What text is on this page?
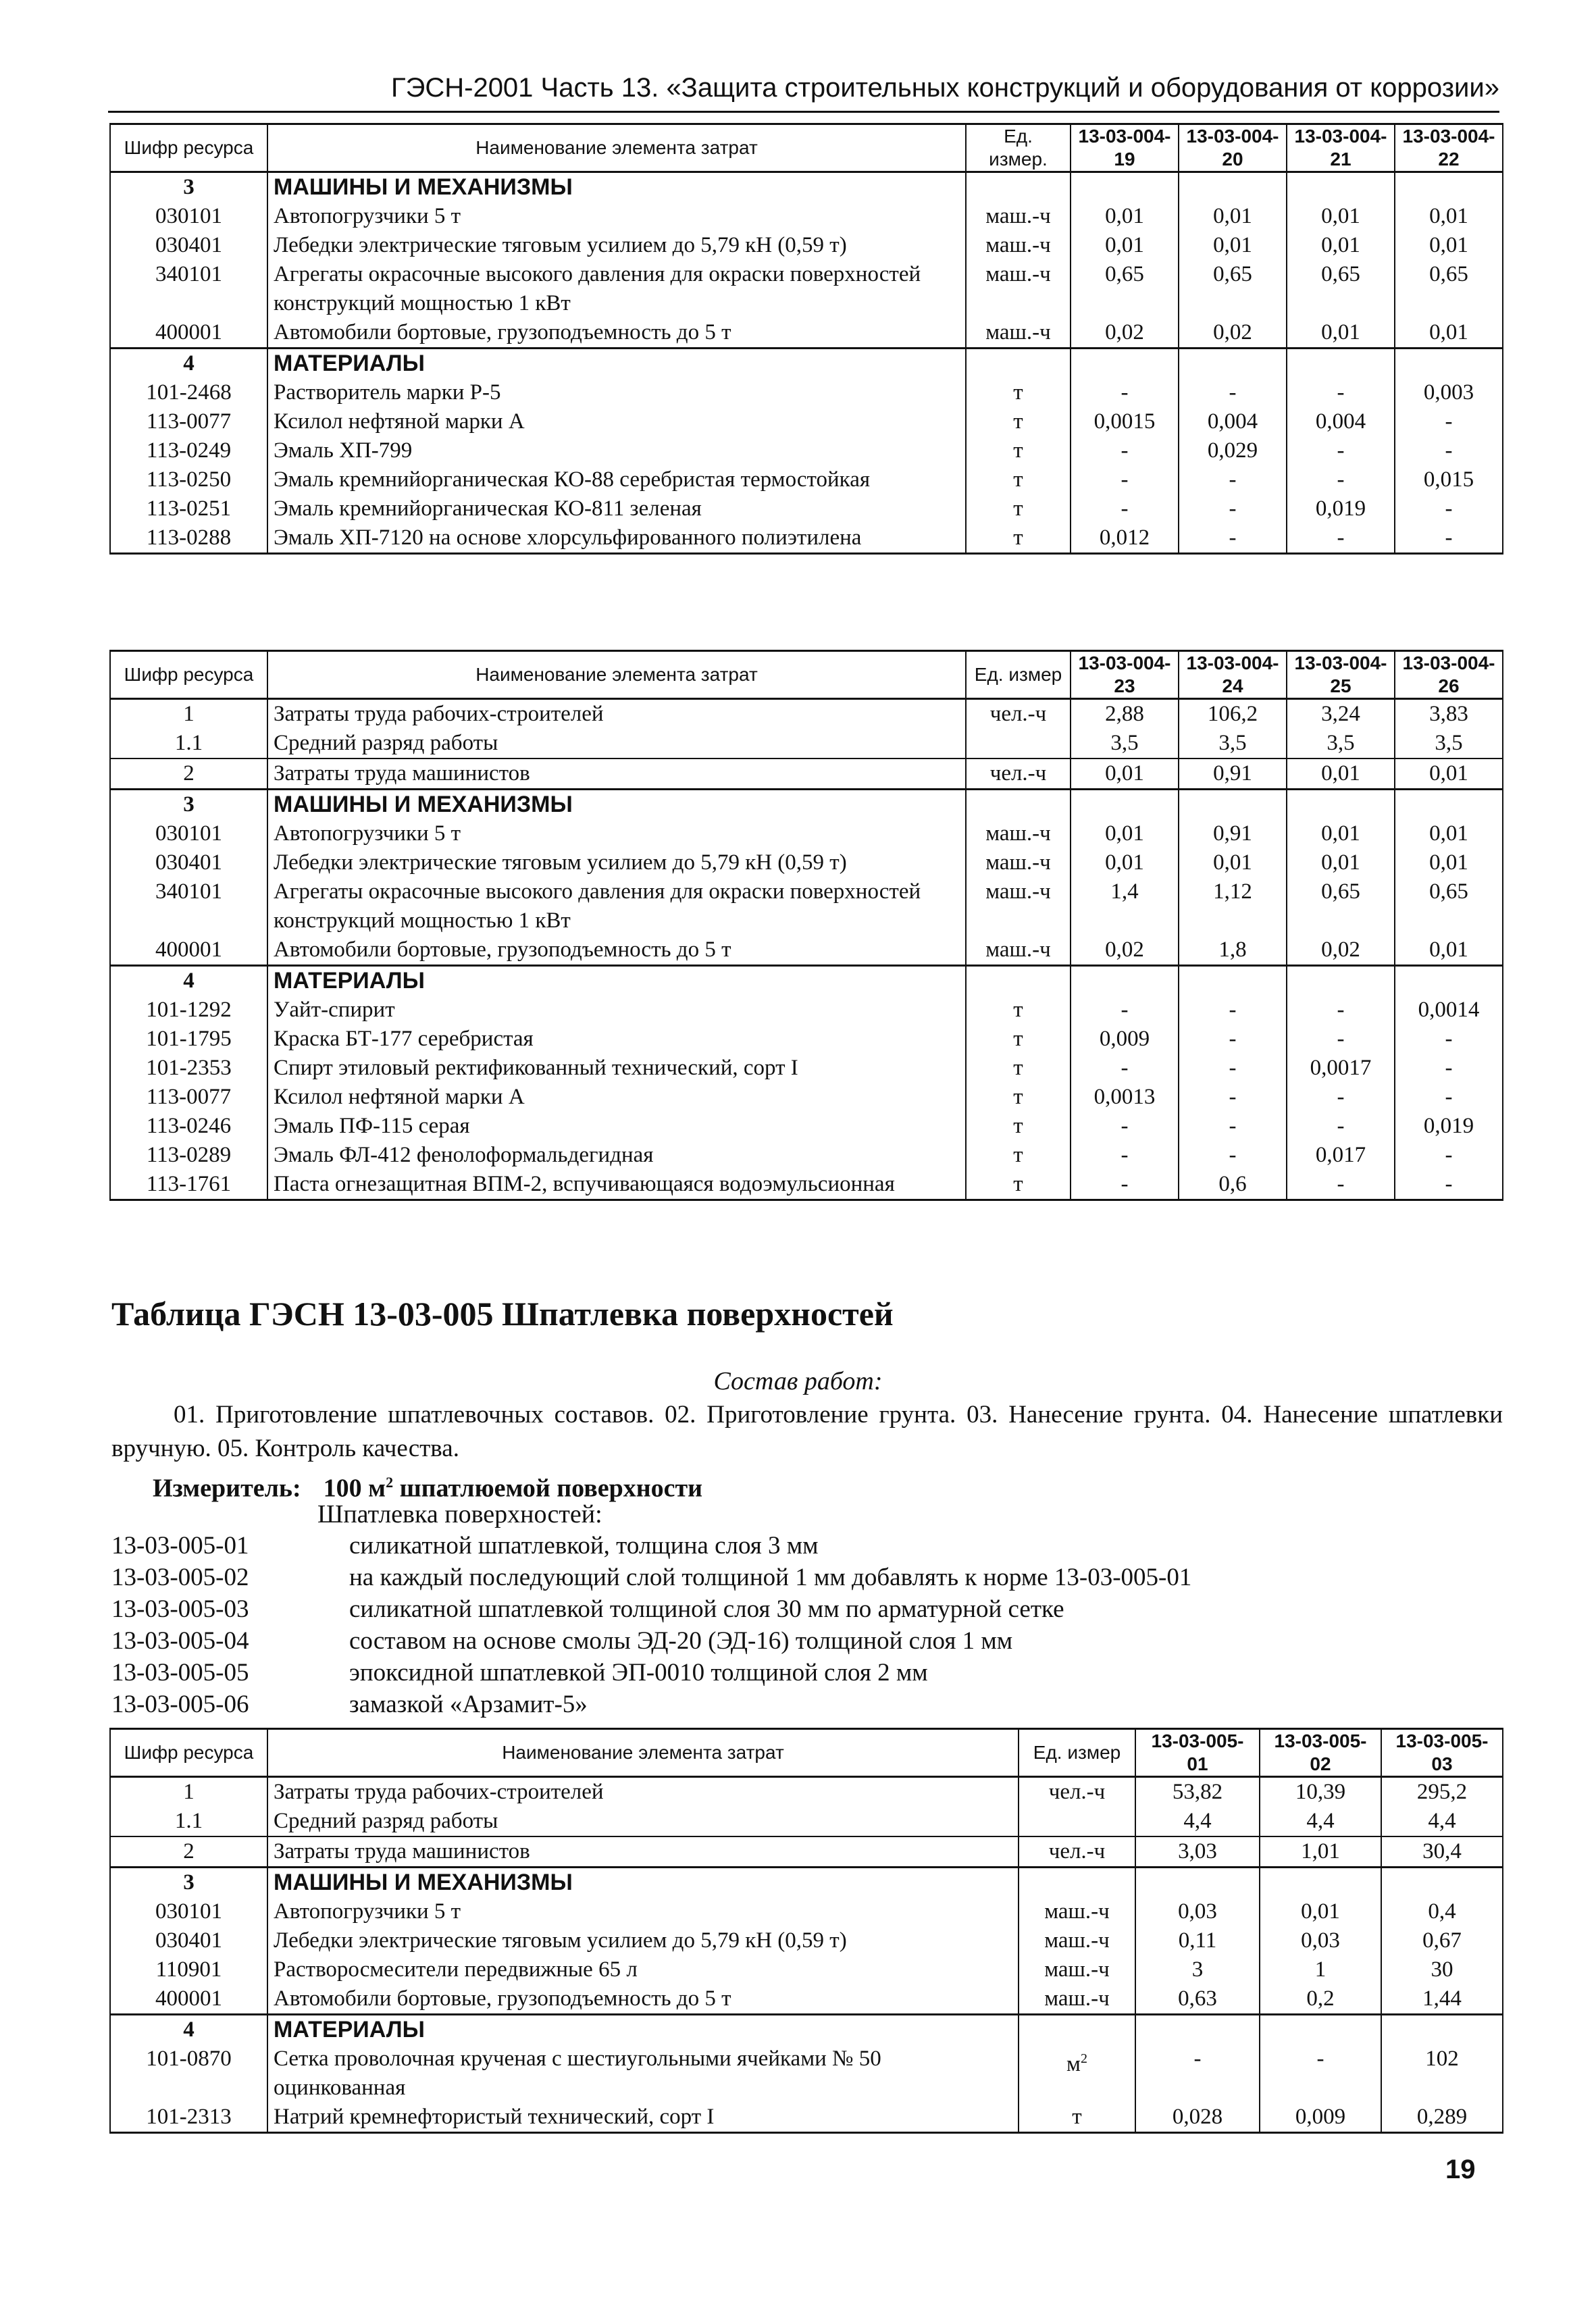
ГЭСН-2001 Часть 13. «Защита строительных конструкций и оборудования от коррозии»
Шифр ресурса	Наименование элемента затрат	Ед. измер.	13-03-004-19	13-03-004-20	13-03-004-21	13-03-004-22
3	МАШИНЫ И МЕХАНИЗМЫ					
030101	Автопогрузчики 5 т	маш.-ч	0,01	0,01	0,01	0,01
030401	Лебедки электрические тяговым усилием до 5,79 кН (0,59 т)	маш.-ч	0,01	0,01	0,01	0,01
340101	Агрегаты окрасочные высокого давления для окраски поверхностей конструкций мощностью 1 кВт	маш.-ч	0,65	0,65	0,65	0,65
400001	Автомобили бортовые, грузоподъемность до 5 т	маш.-ч	0,02	0,02	0,01	0,01
4	МАТЕРИАЛЫ					
101-2468	Растворитель марки Р-5	т	-	-	-	0,003
113-0077	Ксилол нефтяной марки А	т	0,0015	0,004	0,004	-
113-0249	Эмаль ХП-799	т	-	0,029	-	-
113-0250	Эмаль кремнийорганическая КО-88 серебристая термостойкая	т	-	-	-	0,015
113-0251	Эмаль кремнийорганическая КО-811 зеленая	т	-	-	0,019	-
113-0288	Эмаль ХП-7120 на основе хлорсульфированного полиэтилена	т	0,012	-	-	-
Шифр ресурса	Наименование элемента затрат	Ед. измер	13-03-004-23	13-03-004-24	13-03-004-25	13-03-004-26
1	Затраты труда рабочих-строителей	чел.-ч	2,88	106,2	3,24	3,83
1.1	Средний разряд работы		3,5	3,5	3,5	3,5
2	Затраты труда машинистов	чел.-ч	0,01	0,91	0,01	0,01
3	МАШИНЫ И МЕХАНИЗМЫ					
030101	Автопогрузчики 5 т	маш.-ч	0,01	0,91	0,01	0,01
030401	Лебедки электрические тяговым усилием до 5,79 кН (0,59 т)	маш.-ч	0,01	0,01	0,01	0,01
340101	Агрегаты окрасочные высокого давления для окраски поверхностей конструкций мощностью 1 кВт	маш.-ч	1,4	1,12	0,65	0,65
400001	Автомобили бортовые, грузоподъемность до 5 т	маш.-ч	0,02	1,8	0,02	0,01
4	МАТЕРИАЛЫ					
101-1292	Уайт-спирит	т	-	-	-	0,0014
101-1795	Краска БТ-177 серебристая	т	0,009	-	-	-
101-2353	Спирт этиловый ректификованный технический, сорт I	т	-	-	0,0017	-
113-0077	Ксилол нефтяной марки А	т	0,0013	-	-	-
113-0246	Эмаль ПФ-115 серая	т	-	-	-	0,019
113-0289	Эмаль ФЛ-412 фенолоформальдегидная	т	-	-	0,017	-
113-1761	Паста огнезащитная ВПМ-2, вспучивающаяся водоэмульсионная	т	-	0,6	-	-
Таблица ГЭСН 13-03-005 Шпатлевка поверхностей
Состав работ:
01. Приготовление шпатлевочных составов. 02. Приготовление грунта. 03. Нанесение грунта. 04. Нанесение шпатлевки вручную. 05. Контроль качества.
Измеритель: 100 $м^2$ шпатлюемой поверхности
Шпатлевка поверхностей:
13-03-005-01	силикатной шпатлевкой, толщина слоя 3 мм
13-03-005-02	на каждый последующий слой толщиной 1 мм добавлять к норме 13-03-005-01
13-03-005-03	силикатной шпатлевкой толщиной слоя 30 мм по арматурной сетке
13-03-005-04	составом на основе смолы ЭД-20 (ЭД-16) толщиной слоя 1 мм
13-03-005-05	эпоксидной шпатлевкой ЭП-0010 толщиной слоя 2 мм
13-03-005-06	замазкой «Арзамит-5»
Шифр ресурса	Наименование элемента затрат	Ед. измер	13-03-005-01	13-03-005-02	13-03-005-03
1	Затраты труда рабочих-строителей	чел.-ч	53,82	10,39	295,2
1.1	Средний разряд работы		4,4	4,4	4,4
2	Затраты труда машинистов	чел.-ч	3,03	1,01	30,4
3	МАШИНЫ И МЕХАНИЗМЫ				
030101	Автопогрузчики 5 т	маш.-ч	0,03	0,01	0,4
030401	Лебедки электрические тяговым усилием до 5,79 кН (0,59 т)	маш.-ч	0,11	0,03	0,67
110901	Растворосмесители передвижные 65 л	маш.-ч	3	1	30
400001	Автомобили бортовые, грузоподъемность до 5 т	маш.-ч	0,63	0,2	1,44
4	МАТЕРИАЛЫ				
101-0870	Сетка проволочная крученая с шестиугольными ячейками № 50 оцинкованная	$м^2$	-	-	102
101-2313	Натрий кремнефтористый технический, сорт I	т	0,028	0,009	0,289
19
